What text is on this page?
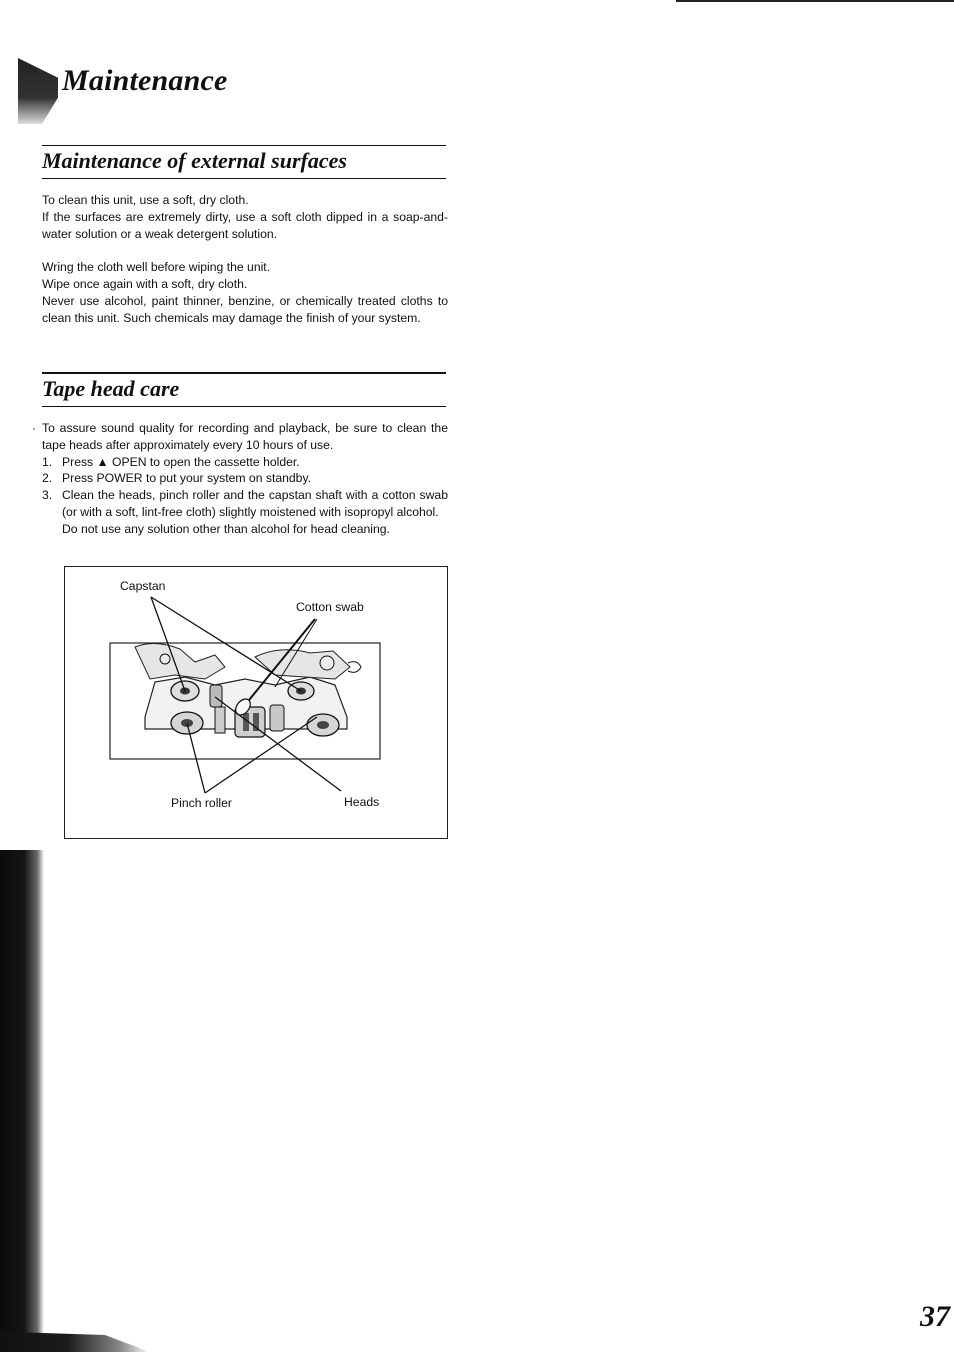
Maintenance
Maintenance of external surfaces

To clean this unit, use a soft, dry cloth.

If the surfaces are extremely dirty, use a soft cloth dipped in a soap-and-water solution or a weak detergent solution.

Wring the cloth well before wiping the unit.

Wipe once again with a soft, dry cloth.

Never use alcohol, paint thinner, benzine, or chemically treated cloths to clean this unit. Such chemicals may damage the finish of your system.

Tape head care

· To assure sound quality for recording and playback, be sure to clean the tape heads after approximately every 10 hours of use.

1. Press ▲ OPEN to open the cassette holder.
2. Press POWER to put your system on standby.
3. Clean the heads, pinch roller and the capstan shaft with a cotton swab (or with a soft, lint-free cloth) slightly moistened with isopropyl alcohol.
Do not use any solution other than alcohol for head cleaning.
Capstan
Cotton swab
Pinch roller	Heads

37
